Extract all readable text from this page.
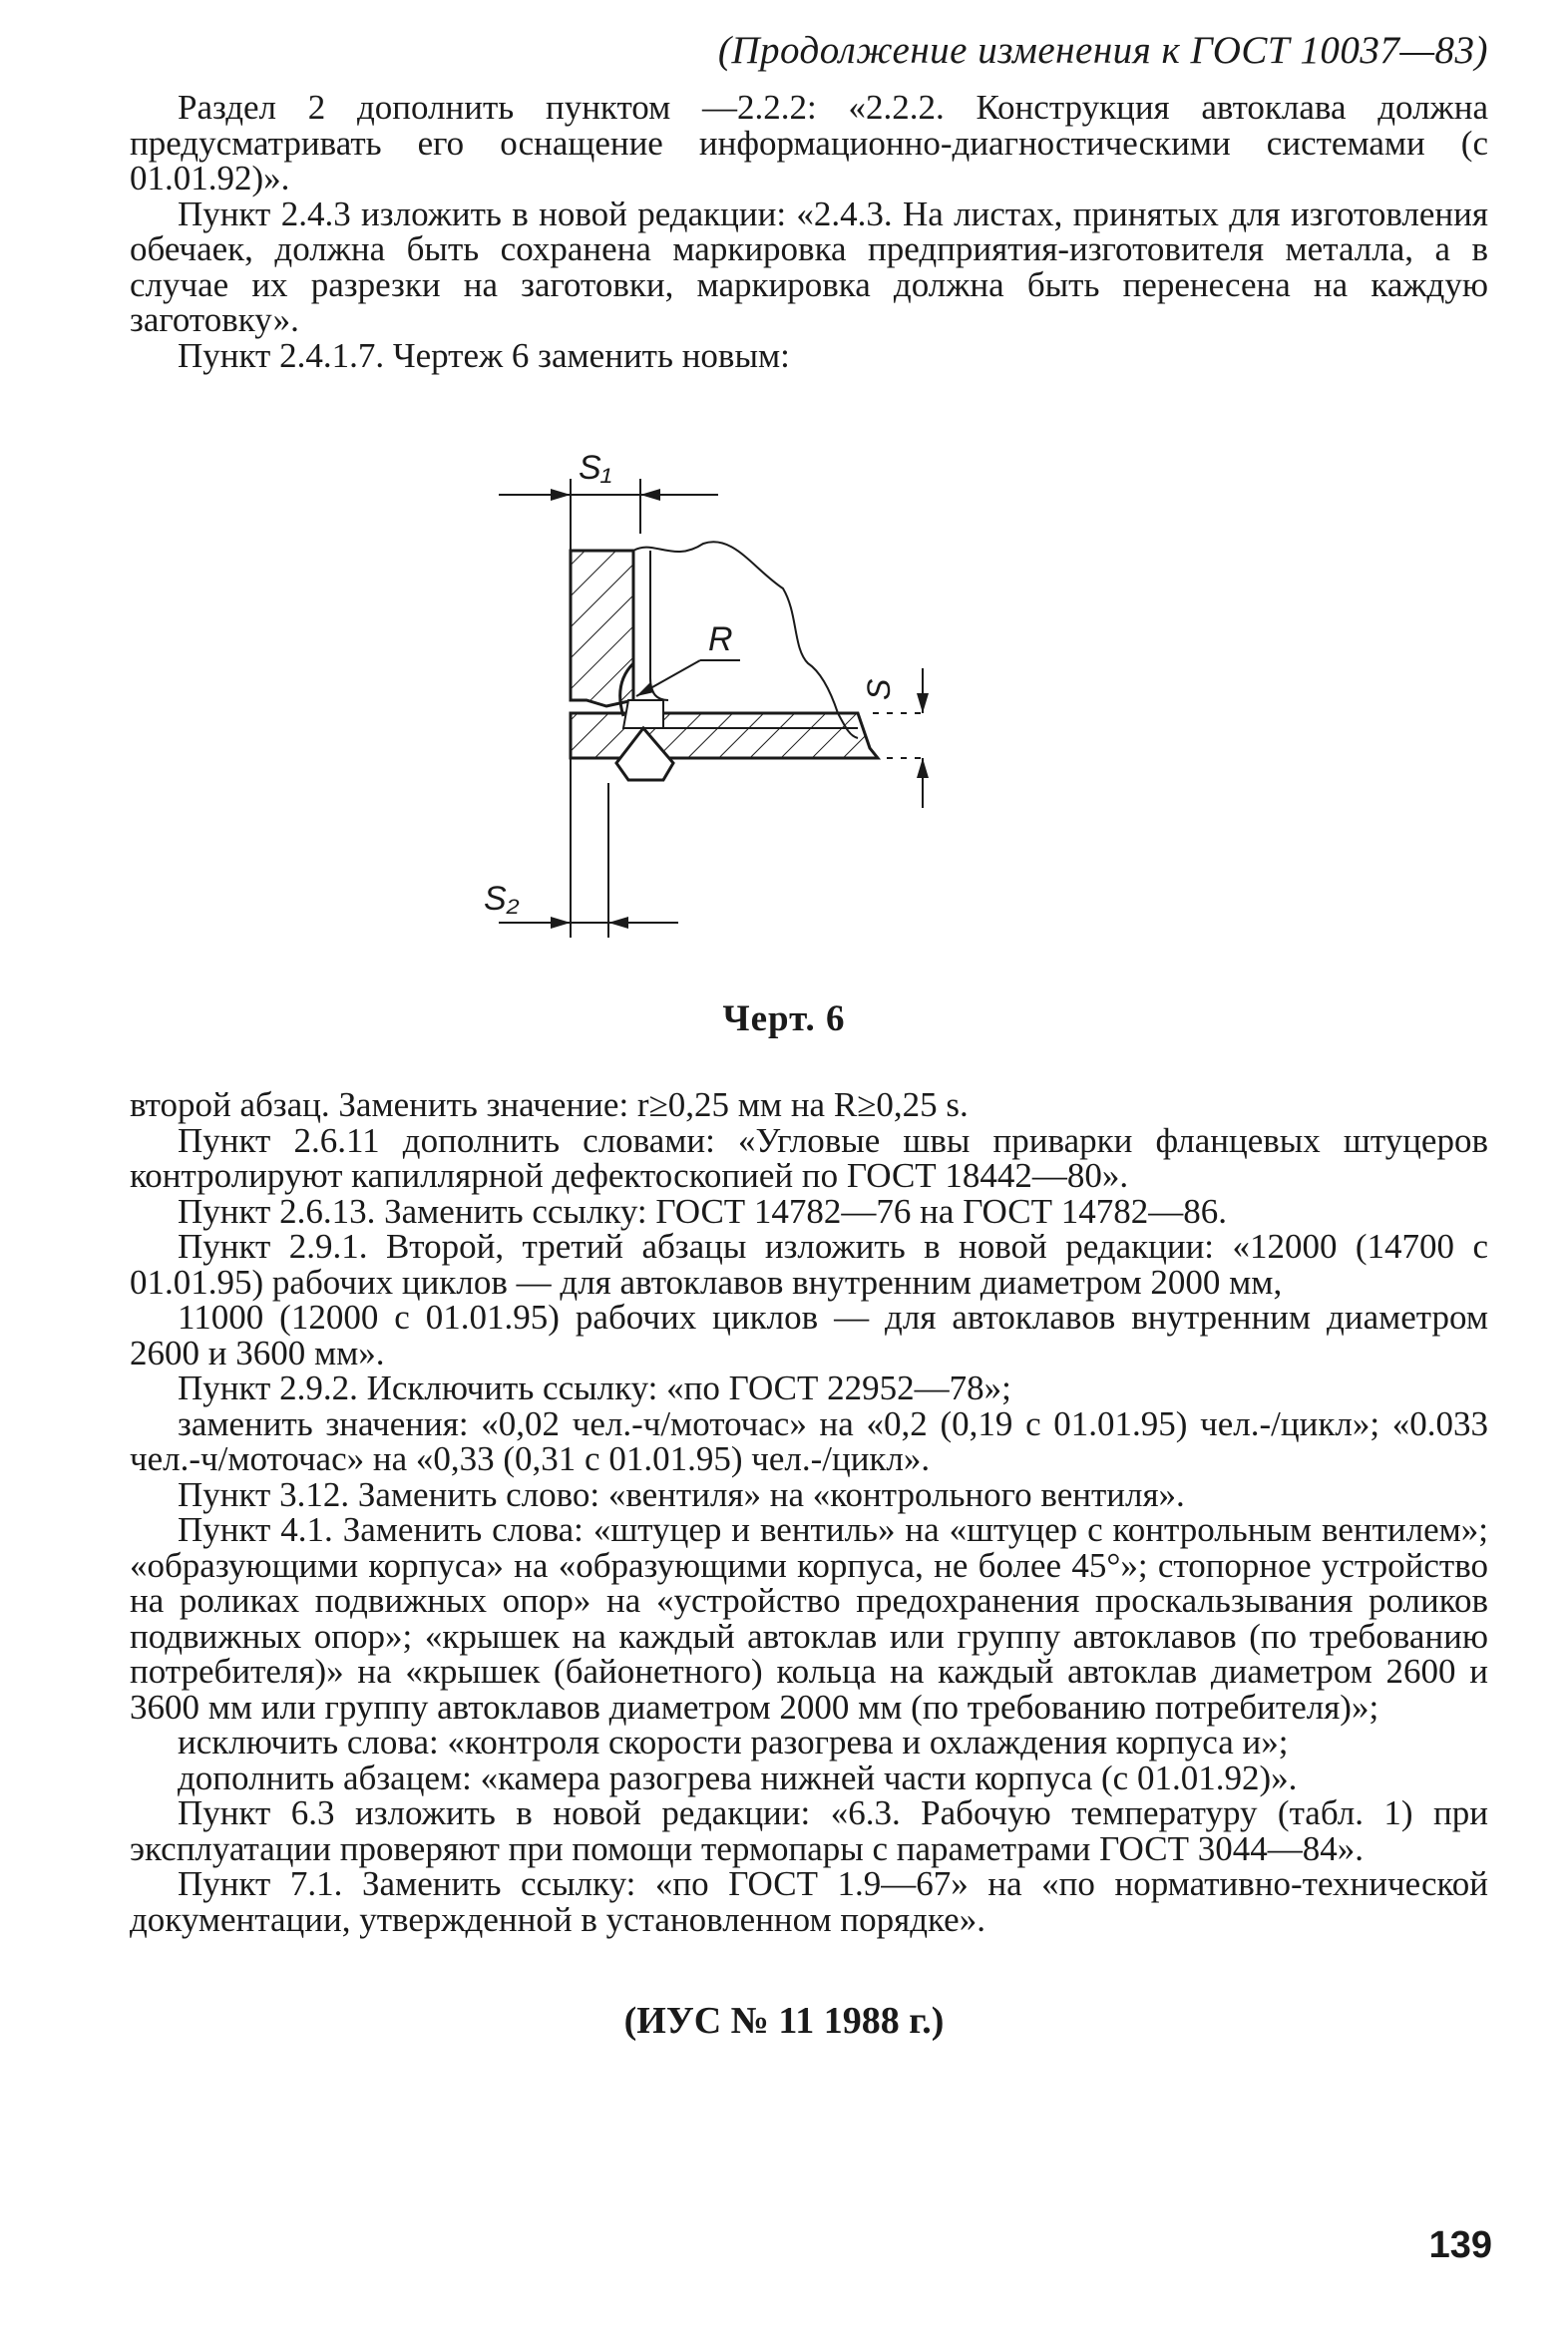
(Продолжение изменения к ГОСТ 10037—83)

Раздел 2 дополнить пунктом —2.2.2: «2.2.2. Конструкция автоклава должна предусматривать его оснащение информационно-диагностическими системами (с 01.01.92)».

Пункт 2.4.3 изложить в новой редакции: «2.4.3. На листах, принятых для изготовления обечаек, должна быть сохранена маркировка предприятия-изготовителя металла, а в случае их разрезки на заготовки, маркировка должна быть перенесена на каждую заготовку».

Пункт 2.4.1.7. Чертеж 6 заменить новым:

R
S
S₂
S₁
Черт. 6

второй абзац. Заменить значение: r≥0,25 мм на R≥0,25 s.

Пункт 2.6.11 дополнить словами: «Угловые швы приварки фланцевых штуцеров контролируют капиллярной дефектоскопией по ГОСТ 18442—80».

Пункт 2.6.13. Заменить ссылку: ГОСТ 14782—76 на ГОСТ 14782—86.

Пункт 2.9.1. Второй, третий абзацы изложить в новой редакции: «12000 (14700 с 01.01.95) рабочих циклов — для автоклавов внутренним диаметром 2000 мм,

11000 (12000 с 01.01.95) рабочих циклов — для автоклавов внутренним диаметром 2600 и 3600 мм».

Пункт 2.9.2. Исключить ссылку: «по ГОСТ 22952—78»;

заменить значения: «0,02 чел.-ч/моточас» на «0,2 (0,19 с 01.01.95) чел.-/цикл»; «0.033 чел.-ч/моточас» на «0,33 (0,31 с 01.01.95) чел.-/цикл».

Пункт 3.12. Заменить слово: «вентиля» на «контрольного вентиля».

Пункт 4.1. Заменить слова: «штуцер и вентиль» на «штуцер с контрольным вентилем»; «образующими корпуса» на «образующими корпуса, не более 45°»; стопорное устройство на роликах подвижных опор» на «устройство предохранения проскальзывания роликов подвижных опор»; «крышек на каждый автоклав или группу автоклавов (по требованию потребителя)» на «крышек (байонетного) кольца на каждый автоклав диаметром 2600 и 3600 мм или группу автоклавов диаметром 2000 мм (по требованию потребителя)»;

исключить слова: «контроля скорости разогрева и охлаждения корпуса и»;

дополнить абзацем: «камера разогрева нижней части корпуса (с 01.01.92)».

Пункт 6.3 изложить в новой редакции: «6.3. Рабочую температуру (табл. 1) при эксплуатации проверяют при помощи термопары с параметрами ГОСТ 3044—84».

Пункт 7.1. Заменить ссылку: «по ГОСТ 1.9—67» на «по нормативно-технической документации, утвержденной в установленном порядке».

(ИУС № 11 1988 г.)
139
